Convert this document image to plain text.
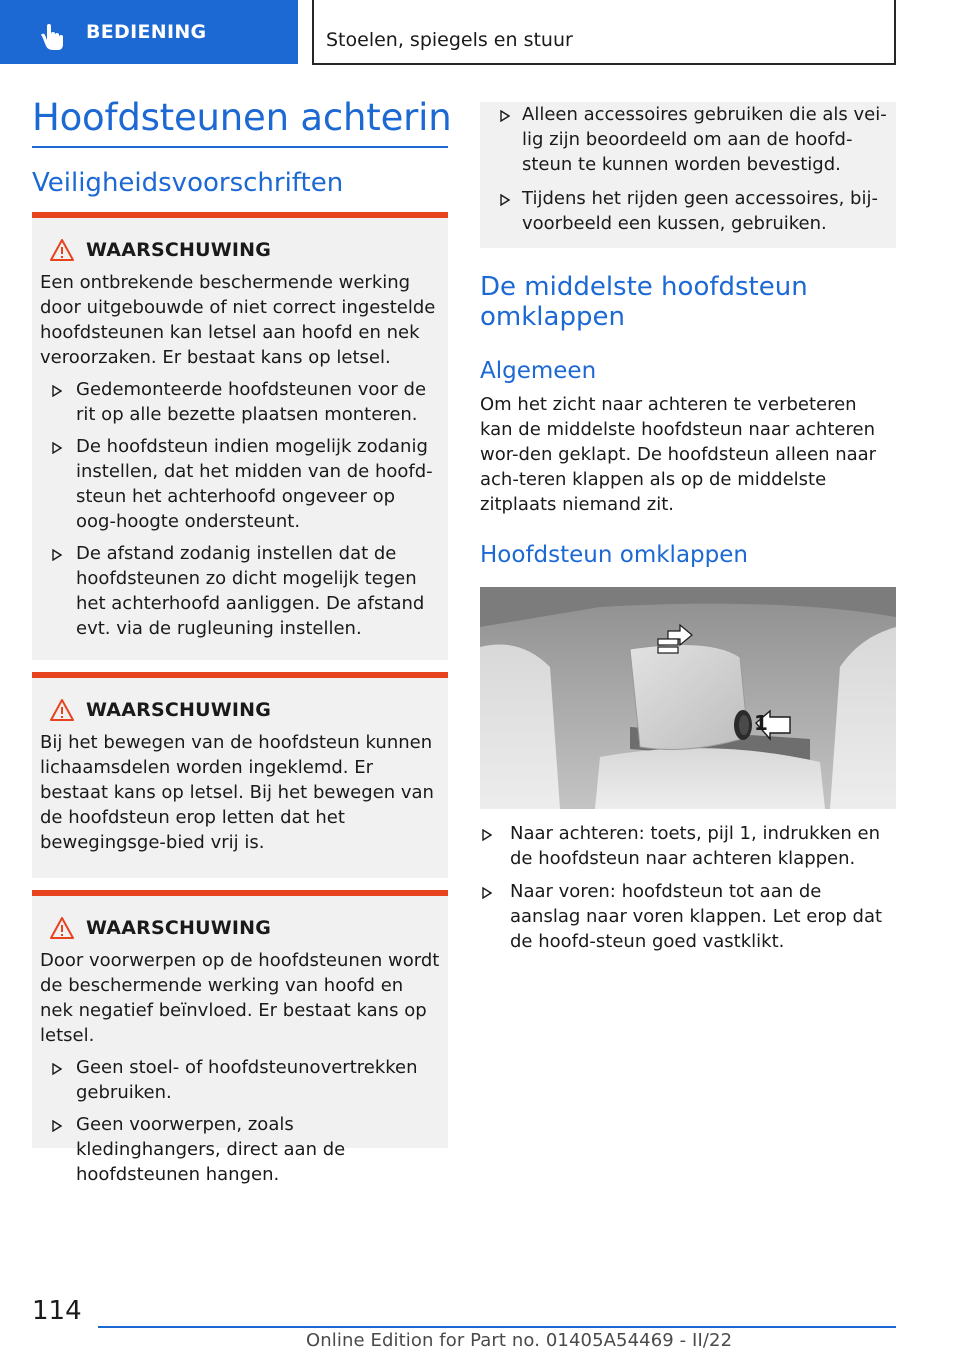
BEDIENING	Stoelen, spiegels en stuur
Hoofdsteunen achterin
Veiligheidsvoorschriften
WAARSCHUWING

Een ontbrekende beschermende werking door uitgebouwde of niet correct ingestelde hoofdsteunen kan letsel aan hoofd en nek veroorzaken. Er bestaat kans op letsel.

Gedemonteerde hoofdsteunen voor de rit op alle bezette plaatsen monteren.
De hoofdsteun indien mogelijk zodanig instellen, dat het midden van de hoofd-steun het achterhoofd ongeveer op oog-hoogte ondersteunt.
De afstand zodanig instellen dat de hoofdsteunen zo dicht mogelijk tegen het achterhoofd aanliggen. De afstand evt. via de rugleuning instellen.
WAARSCHUWING

Bij het bewegen van de hoofdsteun kunnen lichaamsdelen worden ingeklemd. Er bestaat kans op letsel. Bij het bewegen van de hoofdsteun erop letten dat het bewegingsge-bied vrij is.

WAARSCHUWING

Door voorwerpen op de hoofdsteunen wordt de beschermende werking van hoofd en nek negatief beïnvloed. Er bestaat kans op letsel.

Geen stoel- of hoofdsteunovertrekken gebruiken.
Geen voorwerpen, zoals kledinghangers, direct aan de hoofdsteunen hangen.
Alleen accessoires gebruiken die als vei-lig zijn beoordeeld om aan de hoofd-steun te kunnen worden bevestigd.
Tijdens het rijden geen accessoires, bij-voorbeeld een kussen, gebruiken.
De middelste hoofdsteun omklappen
Algemeen
Om het zicht naar achteren te verbeteren kan de middelste hoofdsteun naar achteren wor-den geklapt. De hoofdsteun alleen naar ach-teren klappen als op de middelste zitplaats niemand zit.
Hoofdsteun omklappen
1
Naar achteren: toets, pijl 1, indrukken en de hoofdsteun naar achteren klappen.
Naar voren: hoofdsteun tot aan de aanslag naar voren klappen. Let erop dat de hoofd-steun goed vastklikt.
114
Online Edition for Part no. 01405A54469 - II/22
